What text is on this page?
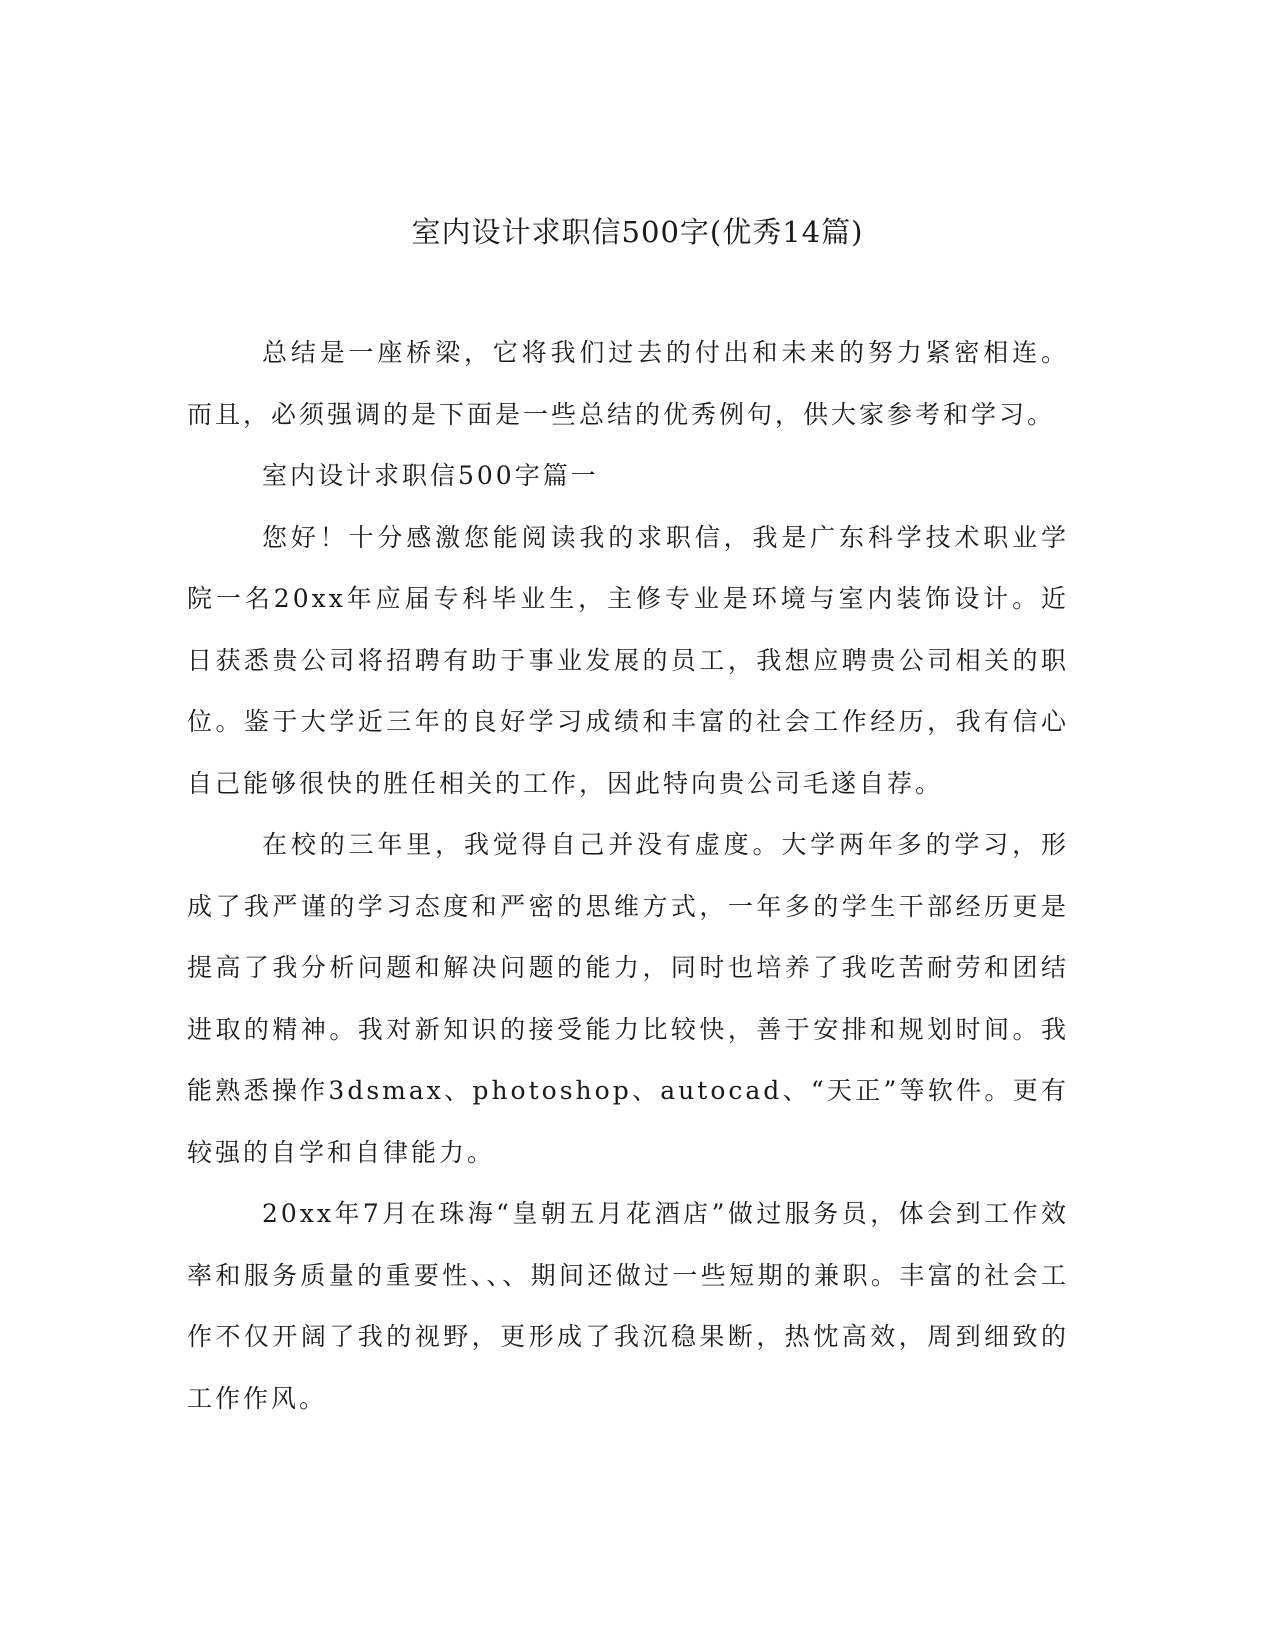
室内设计求职信500字(优秀14篇)

总结是一座桥梁，它将我们过去的付出和未来的努力紧密相连。而且，必须强调的是下面是一些总结的优秀例句，供大家参考和学习。

室内设计求职信500字篇一

您好！十分感激您能阅读我的求职信，我是广东科学技术职业学院一名20xx年应届专科毕业生，主修专业是环境与室内装饰设计。近日获悉贵公司将招聘有助于事业发展的员工，我想应聘贵公司相关的职位。鉴于大学近三年的良好学习成绩和丰富的社会工作经历，我有信心自己能够很快的胜任相关的工作，因此特向贵公司毛遂自荐。

在校的三年里，我觉得自己并没有虚度。大学两年多的学习，形成了我严谨的学习态度和严密的思维方式，一年多的学生干部经历更是提高了我分析问题和解决问题的能力，同时也培养了我吃苦耐劳和团结进取的精神。我对新知识的接受能力比较快，善于安排和规划时间。我能熟悉操作3dsmax、photoshop、autocad、“天正”等软件。更有较强的自学和自律能力。

20xx年7月在珠海“皇朝五月花酒店”做过服务员，体会到工作效率和服务质量的重要性、、、期间还做过一些短期的兼职。丰富的社会工作不仅开阔了我的视野，更形成了我沉稳果断，热忱高效，周到细致的工作作风。
